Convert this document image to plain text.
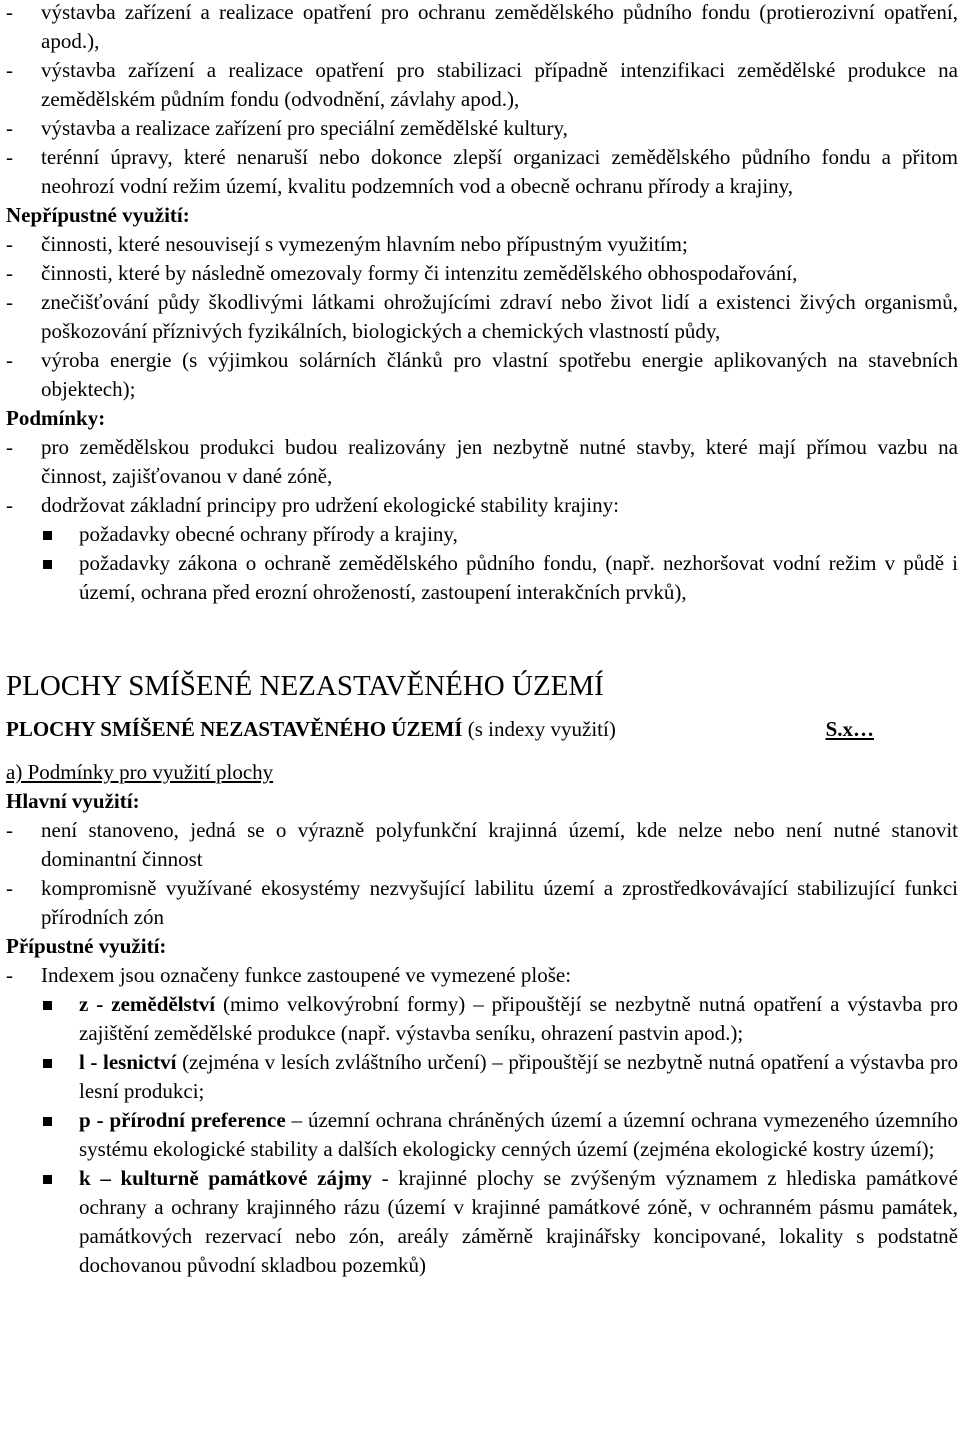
-	výstavba zařízení a realizace opatření pro ochranu zemědělského půdního fondu (protierozivní opatření, apod.),
-	výstavba zařízení a realizace opatření pro stabilizaci případně intenzifikaci zemědělské produkce na zemědělském půdním fondu (odvodnění, závlahy apod.),
-	výstavba a realizace zařízení pro speciální zemědělské kultury,
-	terénní úpravy, které nenaruší nebo dokonce zlepší organizaci zemědělského půdního fondu a přitom neohrozí vodní režim území, kvalitu podzemních vod a obecně ochranu přírody a krajiny,
Nepřípustné využití:
-	činnosti, které nesouvisejí s vymezeným hlavním nebo přípustným využitím;
-	činnosti, které by následně omezovaly formy či intenzitu zemědělského obhospodařování,
-	znečišťování půdy škodlivými látkami ohrožujícími zdraví nebo život lidí a existenci živých organismů, poškozování příznivých fyzikálních, biologických a chemických vlastností půdy,
-	výroba energie (s výjimkou solárních článků pro vlastní spotřebu energie aplikovaných na stavebních objektech);
Podmínky:
-	pro zemědělskou produkci budou realizovány jen nezbytně nutné stavby, které mají přímou vazbu na činnost, zajišťovanou v dané zóně,
-	dodržovat základní principy pro udržení ekologické stability krajiny:
požadavky obecné ochrany přírody a krajiny,
požadavky zákona o ochraně zemědělského půdního fondu, (např. nezhoršovat vodní režim v půdě i území, ochrana před erozní ohrožeností, zastoupení interakčních prvků),
PLOCHY SMÍŠENÉ NEZASTAVĚNÉHO ÚZEMÍ
PLOCHY SMÍŠENÉ NEZASTAVĚNÉHO ÚZEMÍ (s indexy využití)	S.x…
a) Podmínky pro využití plochy
Hlavní využití:
-	není stanoveno, jedná se o výrazně polyfunkční krajinná území, kde nelze nebo není nutné stanovit dominantní činnost
-	kompromisně využívané ekosystémy nezvyšující labilitu území a zprostředkovávající stabilizující funkci přírodních zón
Přípustné využití:
-	Indexem jsou označeny funkce zastoupené ve vymezené ploše:
z - zemědělství (mimo velkovýrobní formy) – připouštějí se nezbytně nutná opatření a výstavba pro zajištění zemědělské produkce (např. výstavba seníku, ohrazení pastvin apod.);
l - lesnictví (zejména v lesích zvláštního určení) – připouštějí se nezbytně nutná opatření a výstavba pro lesní produkci;
p - přírodní preference – územní ochrana chráněných území a územní ochrana vymezeného územního systému ekologické stability a dalších ekologicky cenných území (zejména ekologické kostry území);
k – kulturně památkové zájmy - krajinné plochy se zvýšeným významem z hlediska památkové ochrany a ochrany krajinného rázu (území v krajinné památkové zóně, v ochranném pásmu památek, památkových rezervací nebo zón, areály záměrně krajinářsky koncipované, lokality s podstatně dochovanou původní skladbou pozemků)
